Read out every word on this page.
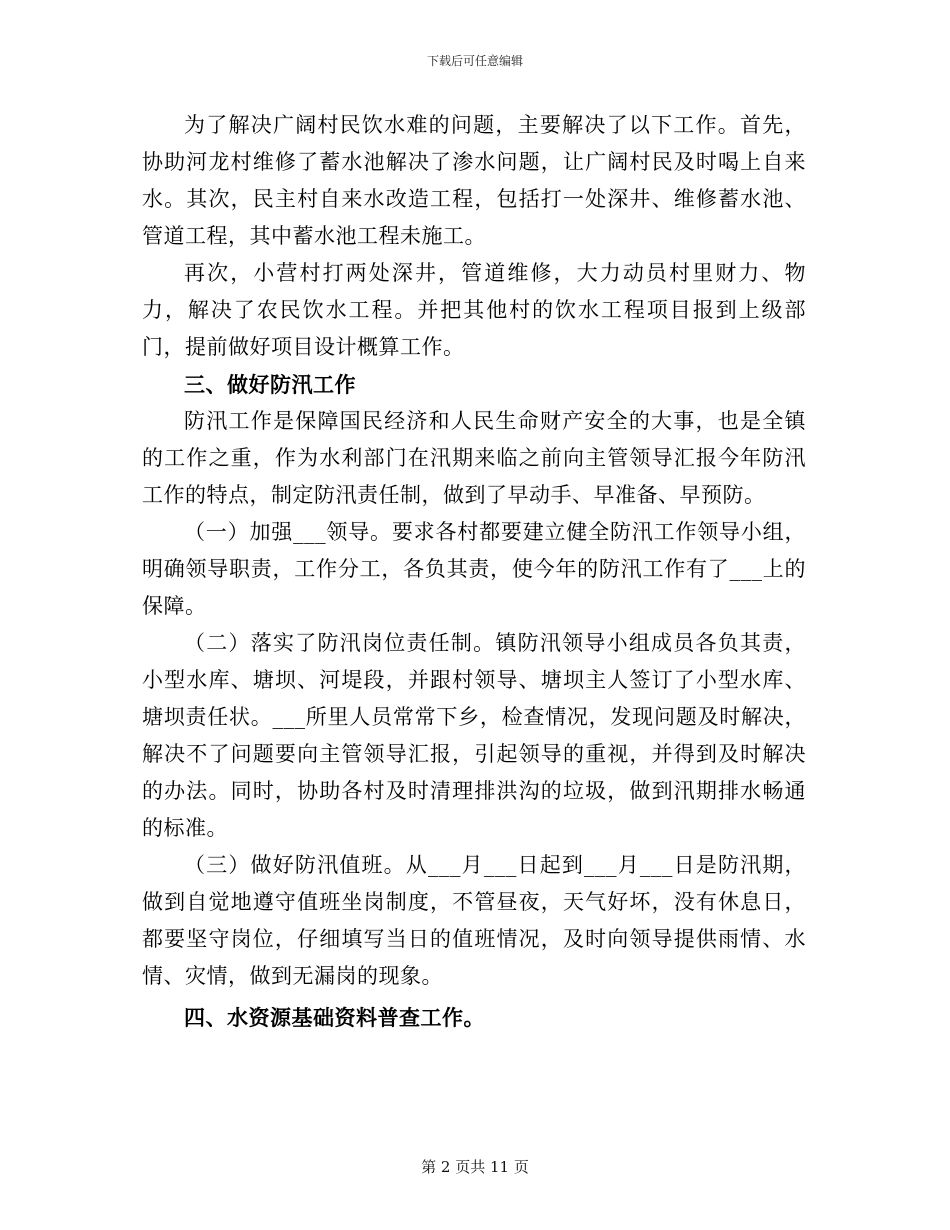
下载后可任意编辑

为了解决广阔村民饮水难的问题，主要解决了以下工作。首先，协助河龙村维修了蓄水池解决了渗水问题，让广阔村民及时喝上自来水。其次，民主村自来水改造工程，包括打一处深井、维修蓄水池、管道工程，其中蓄水池工程未施工。

再次，小营村打两处深井，管道维修，大力动员村里财力、物力，解决了农民饮水工程。并把其他村的饮水工程项目报到上级部门，提前做好项目设计概算工作。

三、做好防汛工作

防汛工作是保障国民经济和人民生命财产安全的大事，也是全镇的工作之重，作为水利部门在汛期来临之前向主管领导汇报今年防汛工作的特点，制定防汛责任制，做到了早动手、早准备、早预防。

（一）加强___领导。要求各村都要建立健全防汛工作领导小组，明确领导职责，工作分工，各负其责，使今年的防汛工作有了___上的保障。

（二）落实了防汛岗位责任制。镇防汛领导小组成员各负其责，小型水库、塘坝、河堤段，并跟村领导、塘坝主人签订了小型水库、塘坝责任状。___所里人员常常下乡，检查情况，发现问题及时解决，解决不了问题要向主管领导汇报，引起领导的重视，并得到及时解决的办法。同时，协助各村及时清理排洪沟的垃圾，做到汛期排水畅通的标准。

（三）做好防汛值班。从___月___日起到___月___日是防汛期，做到自觉地遵守值班坐岗制度，不管昼夜，天气好坏，没有休息日，都要坚守岗位，仔细填写当日的值班情况，及时向领导提供雨情、水情、灾情，做到无漏岗的现象。

四、水资源基础资料普查工作。

第 2 页共 11 页
